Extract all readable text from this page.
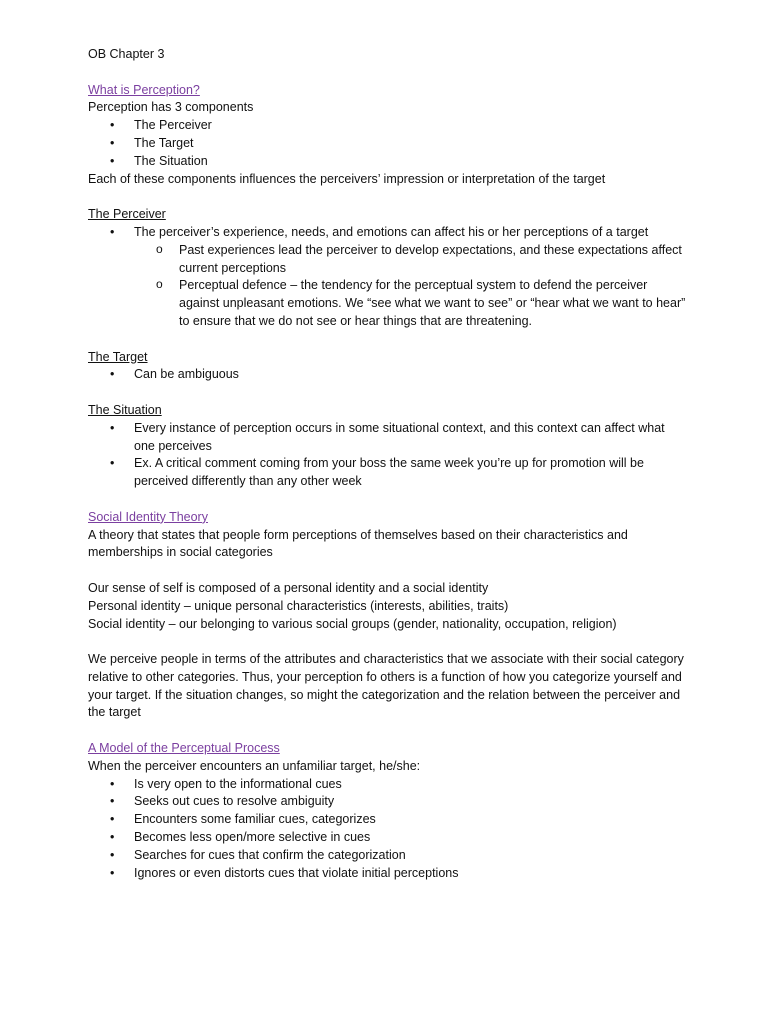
OB Chapter 3

What is Perception?

Perception has 3 components

• The Perceiver
• The Target
• The Situation

Each of these components influences the perceivers’ impression or interpretation of the target

The Perceiver

• The perceiver’s experience, needs, and emotions can affect his or her perceptions of a target
o Past experiences lead the perceiver to develop expectations, and these expectations affect current perceptions
o Perceptual defence – the tendency for the perceptual system to defend the perceiver against unpleasant emotions. We “see what we want to see” or “hear what we want to hear” to ensure that we do not see or hear things that are threatening.

The Target

• Can be ambiguous

The Situation

• Every instance of perception occurs in some situational context, and this context can affect what one perceives
• Ex. A critical comment coming from your boss the same week you’re up for promotion will be perceived differently than any other week

Social Identity Theory

A theory that states that people form perceptions of themselves based on their characteristics and memberships in social categories

Our sense of self is composed of a personal identity and a social identity

Personal identity – unique personal characteristics (interests, abilities, traits)

Social identity – our belonging to various social groups (gender, nationality, occupation, religion)

We perceive people in terms of the attributes and characteristics that we associate with their social category relative to other categories. Thus, your perception fo others is a function of how you categorize yourself and your target. If the situation changes, so might the categorization and the relation between the perceiver and the target

A Model of the Perceptual Process

When the perceiver encounters an unfamiliar target, he/she:

• Is very open to the informational cues
• Seeks out cues to resolve ambiguity
• Encounters some familiar cues, categorizes
• Becomes less open/more selective in cues
• Searches for cues that confirm the categorization
• Ignores or even distorts cues that violate initial perceptions
